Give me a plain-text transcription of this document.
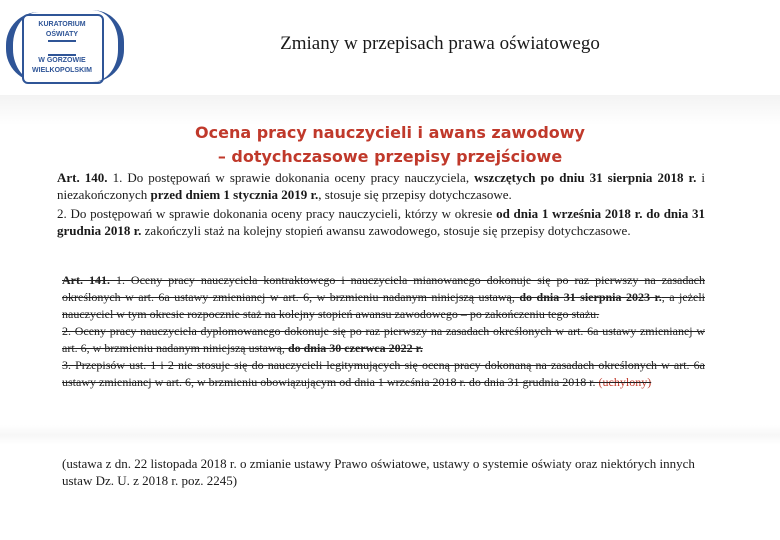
KURATORIUM
OŚWIATY
W GORZOWIE
WIELKOPOLSKIM
Zmiany w przepisach prawa oświatowego
Ocena pracy nauczycieli i awans zawodowy
– dotychczasowe przepisy przejściowe
Art. 140. 1. Do postępowań w sprawie dokonania oceny pracy nauczyciela, wszczętych po dniu 31 sierpnia 2018 r. i niezakończonych przed dniem 1 stycznia 2019 r., stosuje się przepisy dotychczasowe.
2. Do postępowań w sprawie dokonania oceny pracy nauczycieli, którzy w okresie od dnia 1 września 2018 r. do dnia 31 grudnia 2018 r. zakończyli staż na kolejny stopień awansu zawodowego, stosuje się przepisy dotychczasowe.
Art. 141. 1. Oceny pracy nauczyciela kontraktowego i nauczyciela mianowanego dokonuje się po raz pierwszy na zasadach określonych w art. 6a ustawy zmienianej w art. 6, w brzmieniu nadanym niniejszą ustawą, do dnia 31 sierpnia 2023 r., a jeżeli nauczyciel w tym okresie rozpocznie staż na kolejny stopień awansu zawodowego – po zakończeniu tego stażu.
2. Oceny pracy nauczyciela dyplomowanego dokonuje się po raz pierwszy na zasadach określonych w art. 6a ustawy zmienianej w art. 6, w brzmieniu nadanym niniejszą ustawą, do dnia 30 czerwca 2022 r.
3. Przepisów ust. 1 i 2 nie stosuje się do nauczycieli legitymujących się oceną pracy dokonaną na zasadach określonych w art. 6a ustawy zmienianej w art. 6, w brzmieniu obowiązującym od dnia 1 września 2018 r. do dnia 31 grudnia 2018 r. (uchylony)
(ustawa z dn. 22 listopada 2018 r. o zmianie ustawy Prawo oświatowe, ustawy o systemie oświaty oraz niektórych innych ustaw Dz. U. z 2018 r. poz. 2245)
